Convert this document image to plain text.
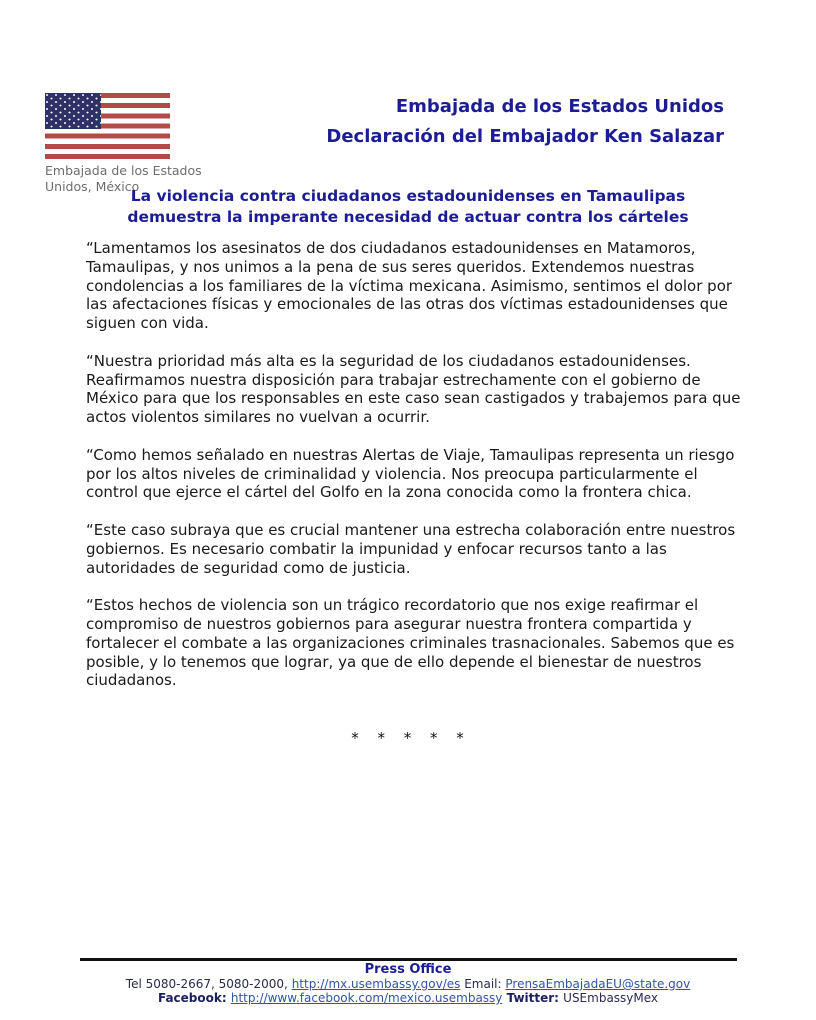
Embajada de los Estados
Unidos, México
Embajada de los Estados Unidos
Declaración del Embajador Ken Salazar
La violencia contra ciudadanos estadounidenses en Tamaulipas
demuestra la imperante necesidad de actuar contra los cárteles

“Lamentamos los asesinatos de dos ciudadanos estadounidenses en Matamoros, Tamaulipas, y nos unimos a la pena de sus seres queridos. Extendemos nuestras condolencias a los familiares de la víctima mexicana. Asimismo, sentimos el dolor por las afectaciones físicas y emocionales de las otras dos víctimas estadounidenses que siguen con vida.

“Nuestra prioridad más alta es la seguridad de los ciudadanos estadounidenses. Reafirmamos nuestra disposición para trabajar estrechamente con el gobierno de México para que los responsables en este caso sean castigados y trabajemos para que actos violentos similares no vuelvan a ocurrir.

“Como hemos señalado en nuestras Alertas de Viaje, Tamaulipas representa un riesgo por los altos niveles de criminalidad y violencia. Nos preocupa particularmente el control que ejerce el cártel del Golfo en la zona conocida como la frontera chica.

“Este caso subraya que es crucial mantener una estrecha colaboración entre nuestros gobiernos. Es necesario combatir la impunidad y enfocar recursos tanto a las autoridades de seguridad como de justicia.

“Estos hechos de violencia son un trágico recordatorio que nos exige reafirmar el compromiso de nuestros gobiernos para asegurar nuestra frontera compartida y fortalecer el combate a las organizaciones criminales trasnacionales. Sabemos que es posible, y lo tenemos que lograr, ya que de ello depende el bienestar de nuestros ciudadanos.

* * * * *
Press Office
Tel 5080-2667, 5080-2000, http://mx.usembassy.gov/es Email: PrensaEmbajadaEU@state.gov
Facebook: http://www.facebook.com/mexico.usembassy Twitter: USEmbassyMex
